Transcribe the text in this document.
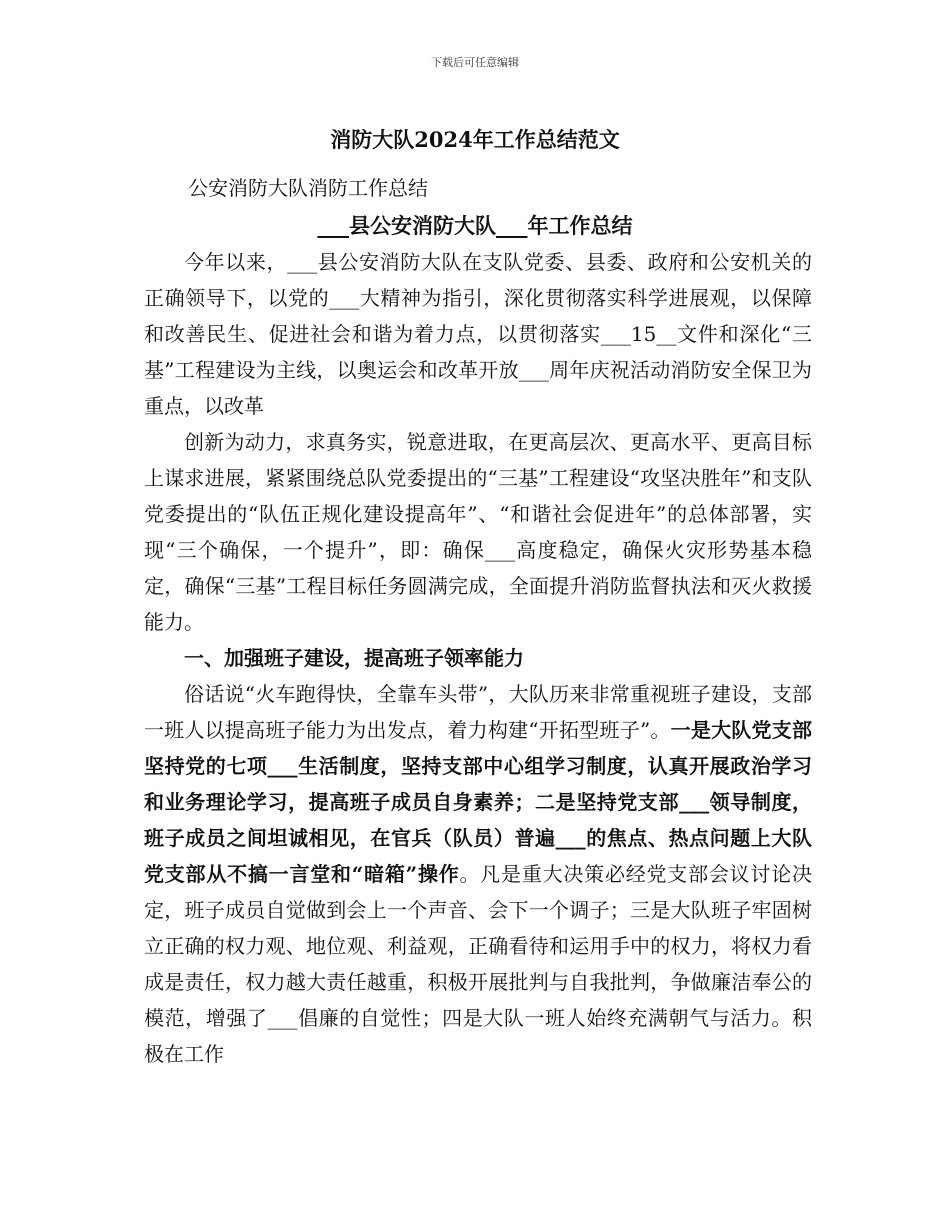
下载后可任意编辑
消防大队2024年工作总结范文
公安消防大队消防工作总结
___县公安消防大队___年工作总结

今年以来，___县公安消防大队在支队党委、县委、政府和公安机关的正确领导下，以党的___大精神为指引，深化贯彻落实科学进展观，以保障和改善民生、促进社会和谐为着力点，以贯彻落实___15__文件和深化“三基”工程建设为主线，以奥运会和改革开放___周年庆祝活动消防安全保卫为重点，以改革

创新为动力，求真务实，锐意进取，在更高层次、更高水平、更高目标上谋求进展，紧紧围绕总队党委提出的“三基”工程建设“攻坚决胜年”和支队党委提出的“队伍正规化建设提高年”、“和谐社会促进年”的总体部署，实现“三个确保，一个提升”，即：确保___高度稳定，确保火灾形势基本稳定，确保“三基”工程目标任务圆满完成，全面提升消防监督执法和灭火救援能力。

一、加强班子建设，提高班子领率能力

俗话说“火车跑得快，全靠车头带”，大队历来非常重视班子建设，支部一班人以提高班子能力为出发点，着力构建“开拓型班子”。一是大队党支部坚持党的七项___生活制度，坚持支部中心组学习制度，认真开展政治学习和业务理论学习，提高班子成员自身素养；二是坚持党支部___领导制度，班子成员之间坦诚相见，在官兵（队员）普遍___的焦点、热点问题上大队党支部从不搞一言堂和“暗箱”操作。凡是重大决策必经党支部会议讨论决定，班子成员自觉做到会上一个声音、会下一个调子；三是大队班子牢固树立正确的权力观、地位观、利益观，正确看待和运用手中的权力，将权力看成是责任，权力越大责任越重，积极开展批判与自我批判，争做廉洁奉公的模范，增强了___倡廉的自觉性；四是大队一班人始终充满朝气与活力。积极在工作
